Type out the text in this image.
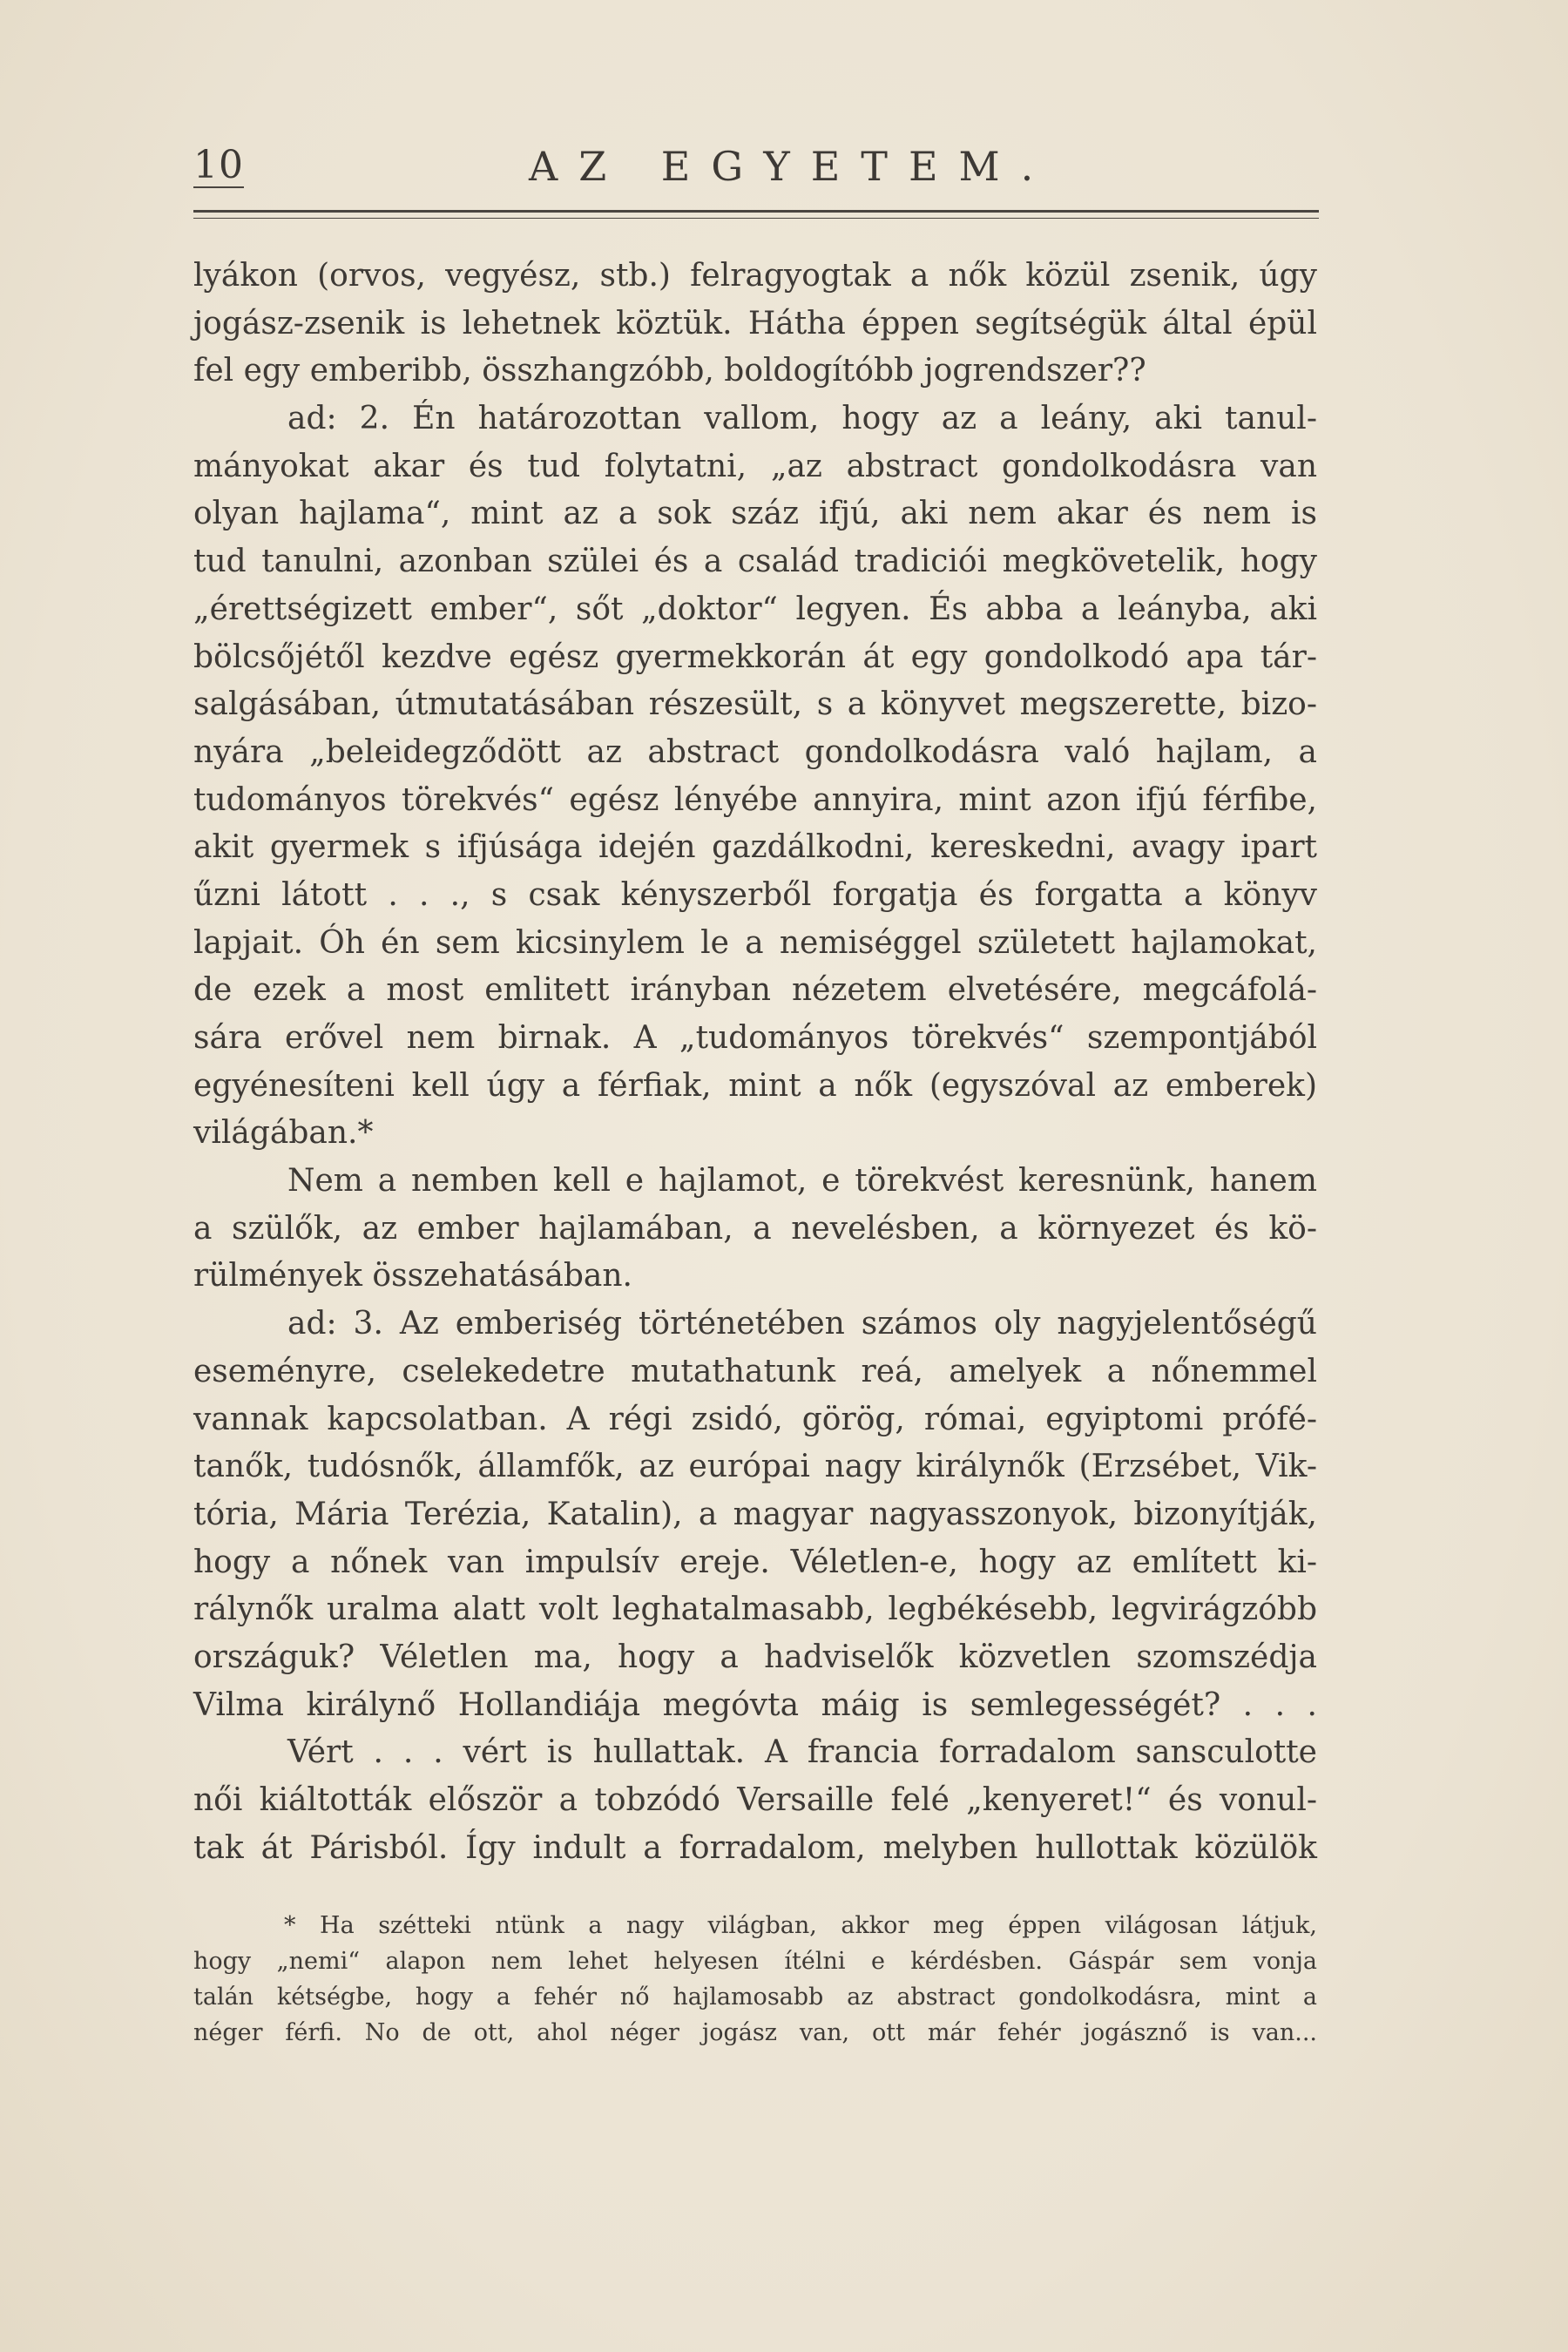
10	AZ EGYETEM.
lyákon (orvos, vegyész, stb.) felragyogtak a nők közül zsenik, úgy
jogász-zsenik is lehetnek köztük. Hátha éppen segítségük által épül
fel egy emberibb, összhangzóbb, boldogítóbb jogrendszer??
ad: 2. Én határozottan vallom, hogy az a leány, aki tanul-
mányokat akar és tud folytatni, „az abstract gondolkodásra van
olyan hajlama“, mint az a sok száz ifjú, aki nem akar és nem is
tud tanulni, azonban szülei és a család tradiciói megkövetelik, hogy
„érettségizett ember“, sőt „doktor“ legyen. És abba a leányba, aki
bölcsőjétől kezdve egész gyermekkorán át egy gondolkodó apa tár-
salgásában, útmutatásában részesült, s a könyvet megszerette, bizo-
nyára „beleidegződött az abstract gondolkodásra való hajlam, a
tudományos törekvés“ egész lényébe annyira, mint azon ifjú férfibe,
akit gyermek s ifjúsága idején gazdálkodni, kereskedni, avagy ipart
űzni látott . . ., s csak kényszerből forgatja és forgatta a könyv
lapjait. Óh én sem kicsinylem le a nemiséggel született hajlamokat,
de ezek a most emlitett irányban nézetem elvetésére, megcáfolá-
sára erővel nem birnak. A „tudományos törekvés“ szempontjából
egyénesíteni kell úgy a férfiak, mint a nők (egyszóval az emberek)
világában.*
Nem a nemben kell e hajlamot, e törekvést keresnünk, hanem
a szülők, az ember hajlamában, a nevelésben, a környezet és kö-
rülmények összehatásában.
ad: 3. Az emberiség történetében számos oly nagyjelentőségű
eseményre, cselekedetre mutathatunk reá, amelyek a nőnemmel
vannak kapcsolatban. A régi zsidó, görög, római, egyiptomi prófé-
tanők, tudósnők, államfők, az európai nagy királynők (Erzsébet, Vik-
tória, Mária Terézia, Katalin), a magyar nagyasszonyok, bizonyítják,
hogy a nőnek van impulsív ereje. Véletlen-e, hogy az említett ki-
rálynők uralma alatt volt leghatalmasabb, legbékésebb, legvirágzóbb
országuk? Véletlen ma, hogy a hadviselők közvetlen szomszédja
Vilma királynő Hollandiája megóvta máig is semlegességét? . . .
Vért . . . vért is hullattak. A francia forradalom sansculotte
női kiáltották először a tobzódó Versaille felé „kenyeret!“ és vonul-
tak át Párisból. Így indult a forradalom, melyben hullottak közülök
* Ha szétteki ntünk a nagy világban, akkor meg éppen világosan látjuk,
hogy „nemi“ alapon nem lehet helyesen ítélni e kérdésben. Gáspár sem vonja
talán kétségbe, hogy a fehér nő hajlamosabb az abstract gondolkodásra, mint a
néger férfi. No de ott, ahol néger jogász van, ott már fehér jogásznő is van...
